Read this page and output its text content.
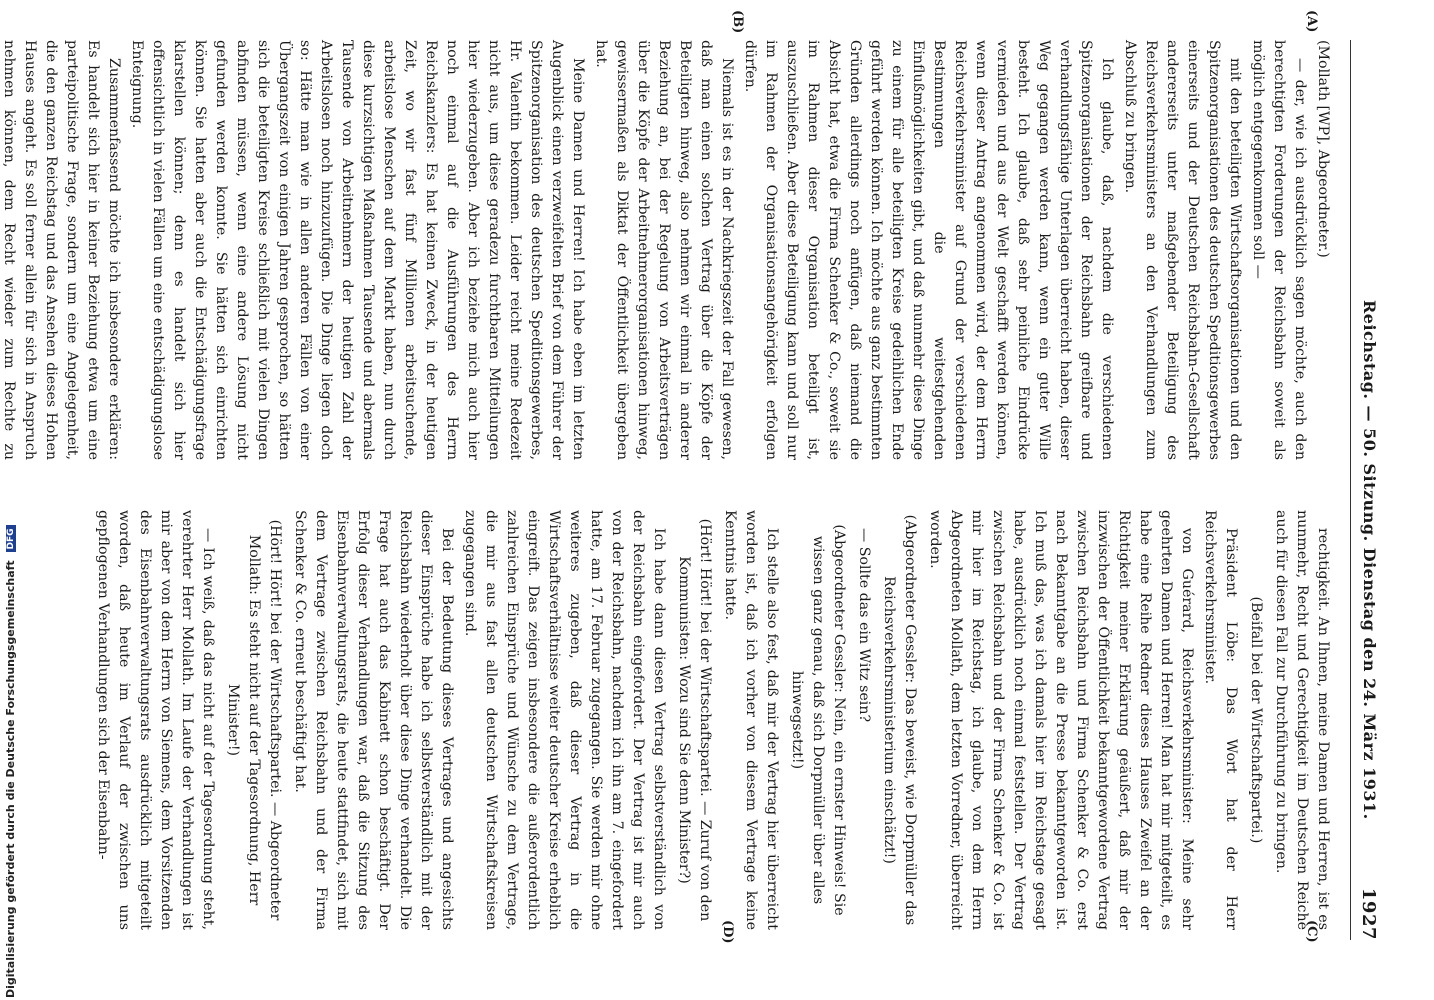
Reichstag. — 50. Sitzung. Dienstag den 24. März 1931.
1927
(A)
(B)
(C)
(D)

(Mollath [WP], Abgeordneter.)

— der, wie ich ausdrücklich sagen möchte, auch den berechtigten Forderungen der Reichsbahn soweit als möglich entgegenkommen soll —

mit den beteiligten Wirtschaftsorganisationen und den Spitzenorganisationen des deutschen Speditionsgewerbes einerseits und der Deutschen Reichsbahn-Gesellschaft andererseits unter maßgebender Beteiligung des Reichsverkehrsministers an den Verhandlungen zum Abschluß zu bringen.

Ich glaube, daß, nachdem die verschiedenen Spitzenorganisationen der Reichsbahn greifbare und verhandlungsfähige Unterlagen überreicht haben, dieser Weg gegangen werden kann, wenn ein guter Wille besteht. Ich glaube, daß sehr peinliche Eindrücke vermieden und aus der Welt geschafft werden können, wenn dieser Antrag angenommen wird, der dem Herrn Reichsverkehrsminister auf Grund der verschiedenen Bestimmungen die weitestgehenden Einflußmöglichkeiten gibt, und daß nunmehr diese Dinge zu einem für alle beteiligten Kreise gedeihlichen Ende geführt werden können. Ich möchte aus ganz bestimmten Gründen allerdings noch anfügen, daß niemand die Absicht hat, etwa die Firma Schenker & Co., soweit sie im Rahmen dieser Organisation beteiligt ist, auszuschließen. Aber diese Beteiligung kann und soll nur im Rahmen der Organisationsangehörigkeit erfolgen dürfen.

Niemals ist es in der Nachkriegszeit der Fall gewesen, daß man einen solchen Vertrag über die Köpfe der Beteiligten hinweg, also nehmen wir einmal in anderer Beziehung an, bei der Regelung von Arbeitsverträgen über die Köpfe der Arbeitnehmerorganisationen hinweg, gewissermaßen als Diktat der Öffentlichkeit übergeben hat.

Meine Damen und Herren! Ich habe eben im letzten Augenblick einen verzweifelten Brief von dem Führer der Spitzenorganisation des deutschen Speditionsgewerbes, Hr. Valentin bekommen. Leider reicht meine Redezeit nicht aus, um diese geradezu furchtbaren Mitteilungen hier wiederzugeben. Aber ich beziehe mich auch hier noch einmal auf die Ausführungen des Herrn Reichskanzlers: Es hat keinen Zweck, in der heutigen Zeit, wo wir fast fünf Millionen arbeitsuchende, arbeitslose Menschen auf dem Markt haben, nun durch diese kurzsichtigen Maßnahmen Tausende und abermals Tausende von Arbeitnehmern der heutigen Zahl der Arbeitslosen noch hinzuzufügen. Die Dinge liegen doch so: Hätte man wie in allen anderen Fällen von einer Übergangszeit von einigen Jahren gesprochen, so hätten sich die beteiligten Kreise schließlich mit vielen Dingen abfinden müssen, wenn eine andere Lösung nicht gefunden werden konnte. Sie hätten sich einrichten können. Sie hatten aber auch die Entschädigungsfrage klarstellen können; denn es handelt sich hier offensichtlich in vielen Fällen um eine entschädigungslose Enteignung.

Zusammenfassend möchte ich insbesondere erklären: Es handelt sich hier in keiner Beziehung etwa um eine parteipolitische Frage, sondern um eine Angelegenheit, die den ganzen Reichstag und das Ansehen dieses Hohen Hauses angeht. Es soll ferner allein für sich in Anspruch nehmen können, dem Recht wieder zum Rechte zu

rechtigkeit. An Ihnen, meine Damen und Herren, ist es nunmehr, Recht und Gerechtigkeit im Deutschen Reiche auch für diesen Fall zur Durchführung zu bringen.

(Beifall bei der Wirtschaftspartei.)

Präsident Löbe: Das Wort hat der Herr Reichsverkehrsminister.

von Guérard, Reichsverkehrsminister: Meine sehr geehrten Damen und Herren! Man hat mir mitgeteilt, es habe eine Reihe Redner dieses Hauses Zweifel an der Richtigkeit meiner Erklärung geäußert, daß mir der inzwischen der Öffentlichkeit bekanntgewordene Vertrag zwischen Reichsbahn und Firma Schenker & Co. erst nach Bekanntgabe an die Presse bekanntgeworden ist. Ich muß das, was ich damals hier im Reichstage gesagt habe, ausdrücklich noch einmal feststellen. Der Vertrag zwischen Reichsbahn und der Firma Schenker & Co. ist mir hier im Reichstag, ich glaube, von dem Herrn Abgeordneten Mollath, dem letzten Vorredner, überreicht worden.

(Abgeordneter Gessler: Das beweist, wie Dorpmüller das Reichsverkehrsministerium einschätzt!)

— Sollte das ein Witz sein?

(Abgeordneter Gessler: Nein, ein ernster Hinweis! Sie wissen ganz genau, daß sich Dorpmüller über alles hinwegsetzt!)

Ich stelle also fest, daß mir der Vertrag hier überreicht worden ist, daß ich vorher von diesem Vertrage keine Kenntnis hatte.

(Hört! Hört! bei der Wirtschaftspartei. — Zuruf von den Kommunisten: Wozu sind Sie denn Minister?)

Ich habe dann diesen Vertrag selbstverständlich von der Reichsbahn eingefordert. Der Vertrag ist mir auch von der Reichsbahn, nachdem ich ihn am 7. eingefordert hatte, am 17. Februar zugegangen. Sie werden mir ohne weiteres zugeben, daß dieser Vertrag in die Wirtschaftsverhältnisse weiter deutscher Kreise erheblich eingreift. Das zeigen insbesondere die außerordentlich zahlreichen Einsprüche und Wünsche zu dem Vertrage, die mir aus fast allen deutschen Wirtschaftskreisen zugegangen sind.

Bei der Bedeutung dieses Vertrages und angesichts dieser Einsprüche habe ich selbstverständlich mit der Reichsbahn wiederholt über diese Dinge verhandelt. Die Frage hat auch das Kabinett schon beschäftigt. Der Erfolg dieser Verhandlungen war, daß die Sitzung des Eisenbahnverwaltungsrats, die heute stattfindet, sich mit dem Vertrage zwischen Reichsbahn und der Firma Schenker & Co. erneut beschäftigt hat.

(Hört! Hört! bei der Wirtschaftspartei. — Abgeordneter Mollath: Es steht nicht auf der Tagesordnung, Herr Minister!)

— Ich weiß, daß das nicht auf der Tagesordnung steht, verehrter Herr Mollath. Im Laufe der Verhandlungen ist mir aber von dem Herrn von Siemens, dem Vorsitzenden des Eisenbahnverwaltungsrats ausdrücklich mitgeteilt worden, daß heute im Verlauf der zwischen uns gepflogenen Verhandlungen sich der Eisenbahn-

Digitalisierung gefördert durch die Deutsche Forschungsgemeinschaft DFG
